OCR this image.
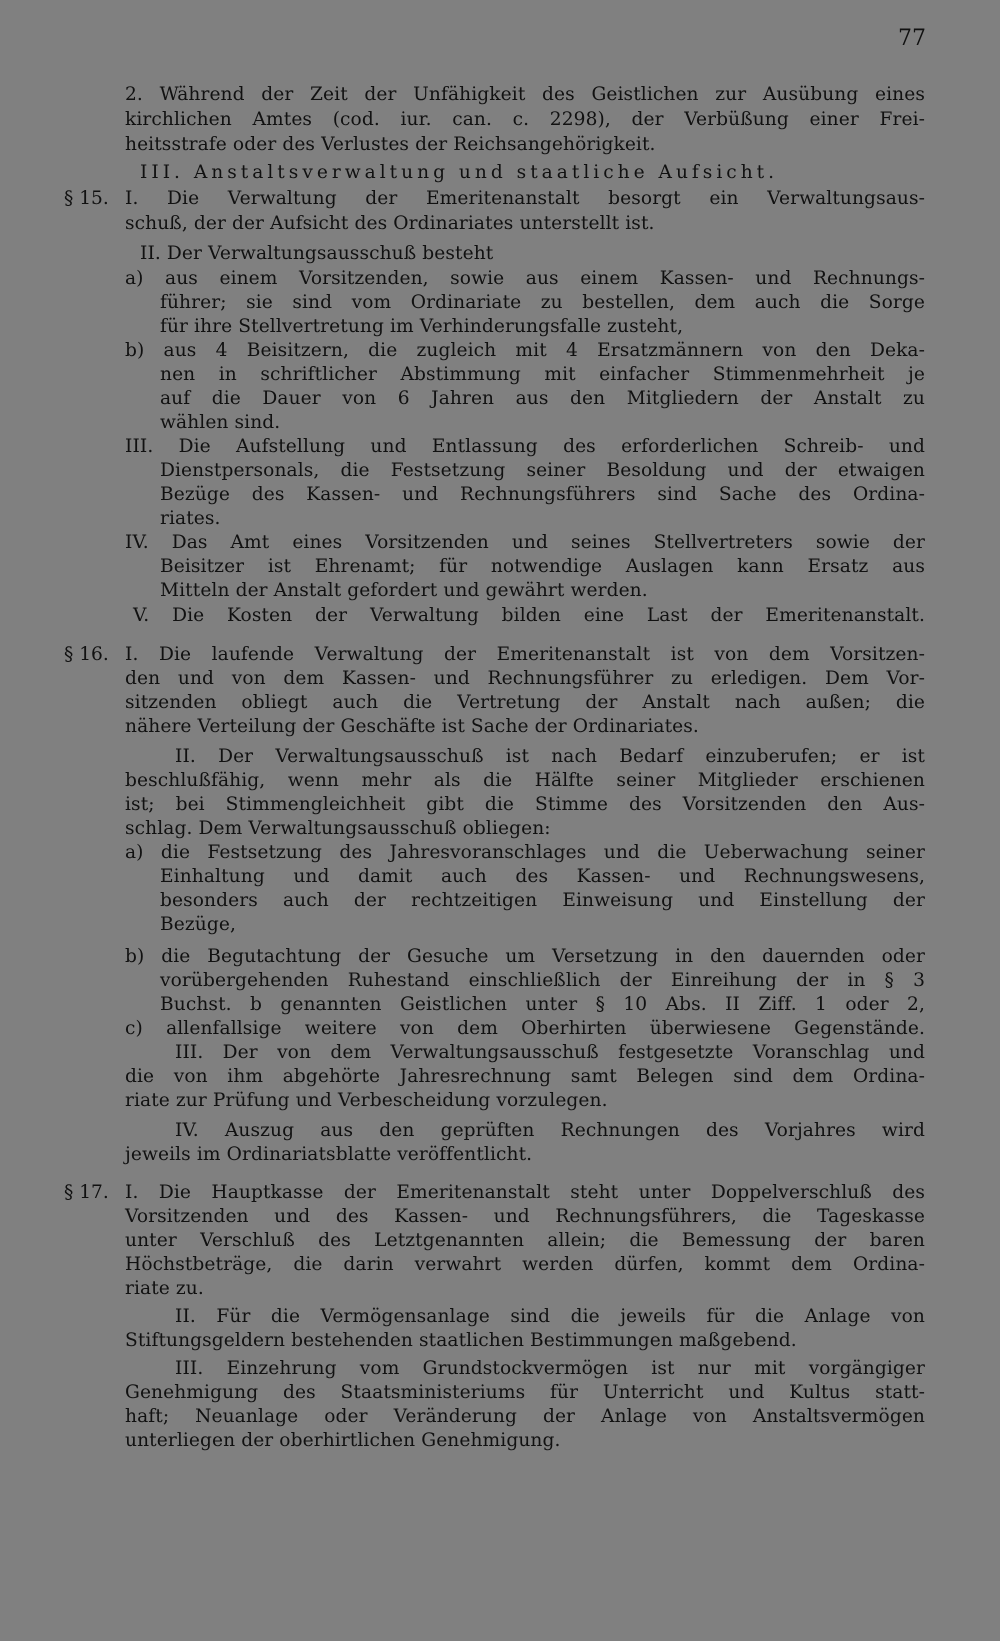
77
§ 15.
§ 16.
§ 17.
2. Während der Zeit der Unfähigkeit des Geistlichen zur Ausübung eines
kirchlichen Amtes (cod. iur. can. c. 2298), der Verbüßung einer Frei-
heitsstrafe oder des Verlustes der Reichsangehörigkeit.
III. Anstaltsverwaltung und staatliche Aufsicht.
I. Die Verwaltung der Emeritenanstalt besorgt ein Verwaltungsaus-
schuß, der der Aufsicht des Ordinariates unterstellt ist.
II. Der Verwaltungsausschuß besteht
a) aus einem Vorsitzenden, sowie aus einem Kassen- und Rechnungs-
führer; sie sind vom Ordinariate zu bestellen, dem auch die Sorge
für ihre Stellvertretung im Verhinderungsfalle zusteht,
b) aus 4 Beisitzern, die zugleich mit 4 Ersatzmännern von den Deka-
nen in schriftlicher Abstimmung mit einfacher Stimmenmehrheit je
auf die Dauer von 6 Jahren aus den Mitgliedern der Anstalt zu
wählen sind.
III. Die Aufstellung und Entlassung des erforderlichen Schreib- und
Dienstpersonals, die Festsetzung seiner Besoldung und der etwaigen
Bezüge des Kassen- und Rechnungsführers sind Sache des Ordina-
riates.
IV. Das Amt eines Vorsitzenden und seines Stellvertreters sowie der
Beisitzer ist Ehrenamt; für notwendige Auslagen kann Ersatz aus
Mitteln der Anstalt gefordert und gewährt werden.
V. Die Kosten der Verwaltung bilden eine Last der Emeritenanstalt.
I. Die laufende Verwaltung der Emeritenanstalt ist von dem Vorsitzen-
den und von dem Kassen- und Rechnungsführer zu erledigen. Dem Vor-
sitzenden obliegt auch die Vertretung der Anstalt nach außen; die
nähere Verteilung der Geschäfte ist Sache der Ordinariates.
II. Der Verwaltungsausschuß ist nach Bedarf einzuberufen; er ist
beschlußfähig, wenn mehr als die Hälfte seiner Mitglieder erschienen
ist; bei Stimmengleichheit gibt die Stimme des Vorsitzenden den Aus-
schlag. Dem Verwaltungsausschuß obliegen:
a) die Festsetzung des Jahresvoranschlages und die Ueberwachung seiner
Einhaltung und damit auch des Kassen- und Rechnungswesens,
besonders auch der rechtzeitigen Einweisung und Einstellung der
Bezüge,
b) die Begutachtung der Gesuche um Versetzung in den dauernden oder
vorübergehenden Ruhestand einschließlich der Einreihung der in § 3
Buchst. b genannten Geistlichen unter § 10 Abs. II Ziff. 1 oder 2,
c) allenfallsige weitere von dem Oberhirten überwiesene Gegenstände.
III. Der von dem Verwaltungsausschuß festgesetzte Voranschlag und
die von ihm abgehörte Jahresrechnung samt Belegen sind dem Ordina-
riate zur Prüfung und Verbescheidung vorzulegen.
IV. Auszug aus den geprüften Rechnungen des Vorjahres wird
jeweils im Ordinariatsblatte veröffentlicht.
I. Die Hauptkasse der Emeritenanstalt steht unter Doppelverschluß des
Vorsitzenden und des Kassen- und Rechnungsführers, die Tageskasse
unter Verschluß des Letztgenannten allein; die Bemessung der baren
Höchstbeträge, die darin verwahrt werden dürfen, kommt dem Ordina-
riate zu.
II. Für die Vermögensanlage sind die jeweils für die Anlage von
Stiftungsgeldern bestehenden staatlichen Bestimmungen maßgebend.
III. Einzehrung vom Grundstockvermögen ist nur mit vorgängiger
Genehmigung des Staatsministeriums für Unterricht und Kultus statt-
haft; Neuanlage oder Veränderung der Anlage von Anstaltsvermögen
unterliegen der oberhirtlichen Genehmigung.
